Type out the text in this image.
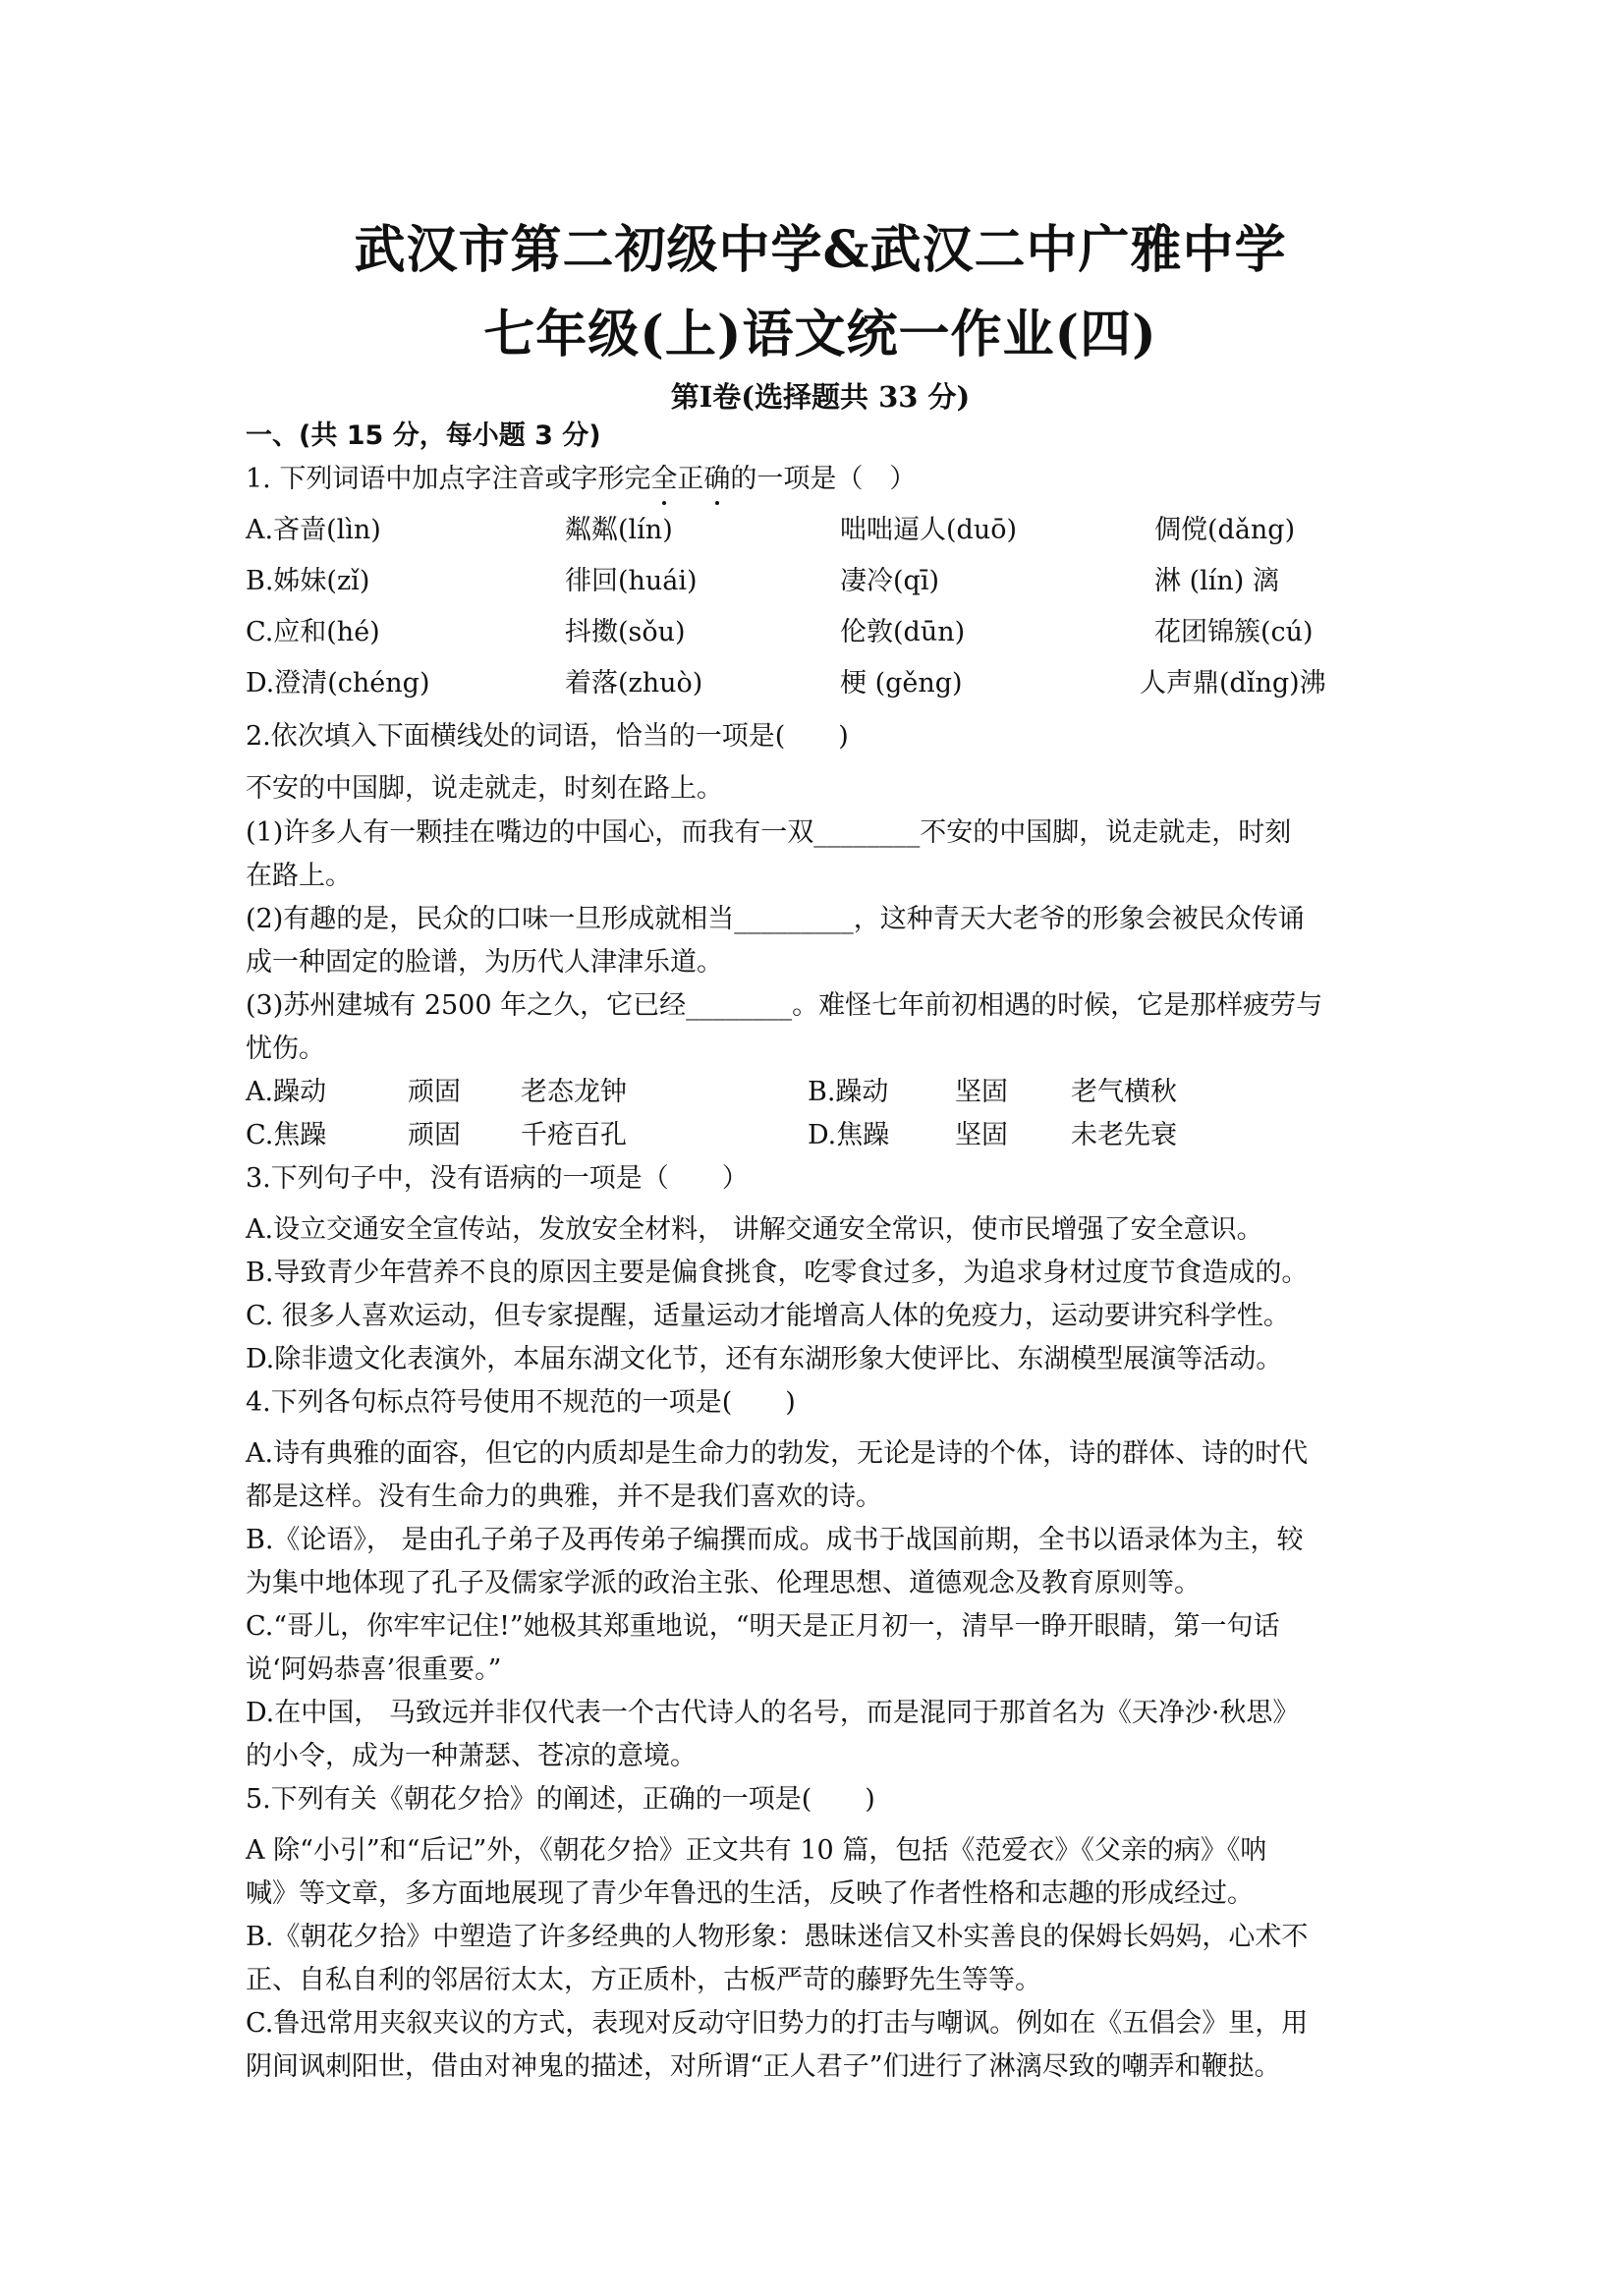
武汉市第二初级中学&武汉二中广雅中学
七年级(上)语文统一作业(四)
第Ⅰ卷(选择题共 33 分)
一、(共 15 分，每小题 3 分)
1. 下列词语中加点字注音或字形完全正确的一项是（　）
A.吝啬(lìn)	粼粼(lín)	咄咄逼人(duō)	倜傥(dǎng)
B.姊妹(zǐ)	徘回(huái)	凄冷(qī)	淋 (lín) 漓
C.应和(hé)	抖擞(sǒu)	伦敦(dūn)	花团锦簇(cú)
D.澄清(chéng)	着落(zhuò)	梗 (gěng)	人声鼎(dǐng)沸
2.依次填入下面横线处的词语，恰当的一项是(　　)
不安的中国脚，说走就走，时刻在路上。
(1)许多人有一颗挂在嘴边的中国心，而我有一双________不安的中国脚，说走就走，时刻
在路上。
(2)有趣的是，民众的口味一旦形成就相当_________，这种青天大老爷的形象会被民众传诵
成一种固定的脸谱，为历代人津津乐道。
(3)苏州建城有 2500 年之久，它已经________。难怪七年前初相遇的时候，它是那样疲劳与
忧伤。
A.躁动	顽固 老态龙钟	B.躁动	坚固 老气横秋
C.焦躁	顽固 千疮百孔	D.焦躁 坚固 未老先衰
3.下列句子中，没有语病的一项是（　　）
A.设立交通安全宣传站，发放安全材料， 讲解交通安全常识，使市民增强了安全意识。
B.导致青少年营养不良的原因主要是偏食挑食，吃零食过多，为追求身材过度节食造成的。
C. 很多人喜欢运动，但专家提醒，适量运动才能增高人体的免疫力，运动要讲究科学性。
D.除非遗文化表演外，本届东湖文化节，还有东湖形象大使评比、东湖模型展演等活动。
4.下列各句标点符号使用不规范的一项是(　　)
A.诗有典雅的面容，但它的内质却是生命力的勃发，无论是诗的个体，诗的群体、诗的时代
都是这样。没有生命力的典雅，并不是我们喜欢的诗。
B.《论语》， 是由孔子弟子及再传弟子编撰而成。成书于战国前期，全书以语录体为主，较
为集中地体现了孔子及儒家学派的政治主张、伦理思想、道德观念及教育原则等。
C.“哥儿，你牢牢记住!”她极其郑重地说，“明天是正月初一，清早一睁开眼睛，第一句话
说‘阿妈恭喜’很重要。”
D.在中国， 马致远并非仅代表一个古代诗人的名号，而是混同于那首名为《天净沙·秋思》
的小令，成为一种萧瑟、苍凉的意境。
5.下列有关《朝花夕拾》的阐述，正确的一项是(　　)
A 除“小引”和“后记”外，《朝花夕拾》正文共有 10 篇，包括《范爱衣》《父亲的病》《呐
喊》等文章，多方面地展现了青少年鲁迅的生活，反映了作者性格和志趣的形成经过。
B.《朝花夕拾》中塑造了许多经典的人物形象：愚昧迷信又朴实善良的保姆长妈妈，心术不
正、自私自利的邻居衍太太，方正质朴，古板严苛的藤野先生等等。
C.鲁迅常用夹叙夹议的方式，表现对反动守旧势力的打击与嘲讽。例如在《五倡会》里，用
阴间讽刺阳世，借由对神鬼的描述，对所谓“正人君子”们进行了淋漓尽致的嘲弄和鞭挞。
